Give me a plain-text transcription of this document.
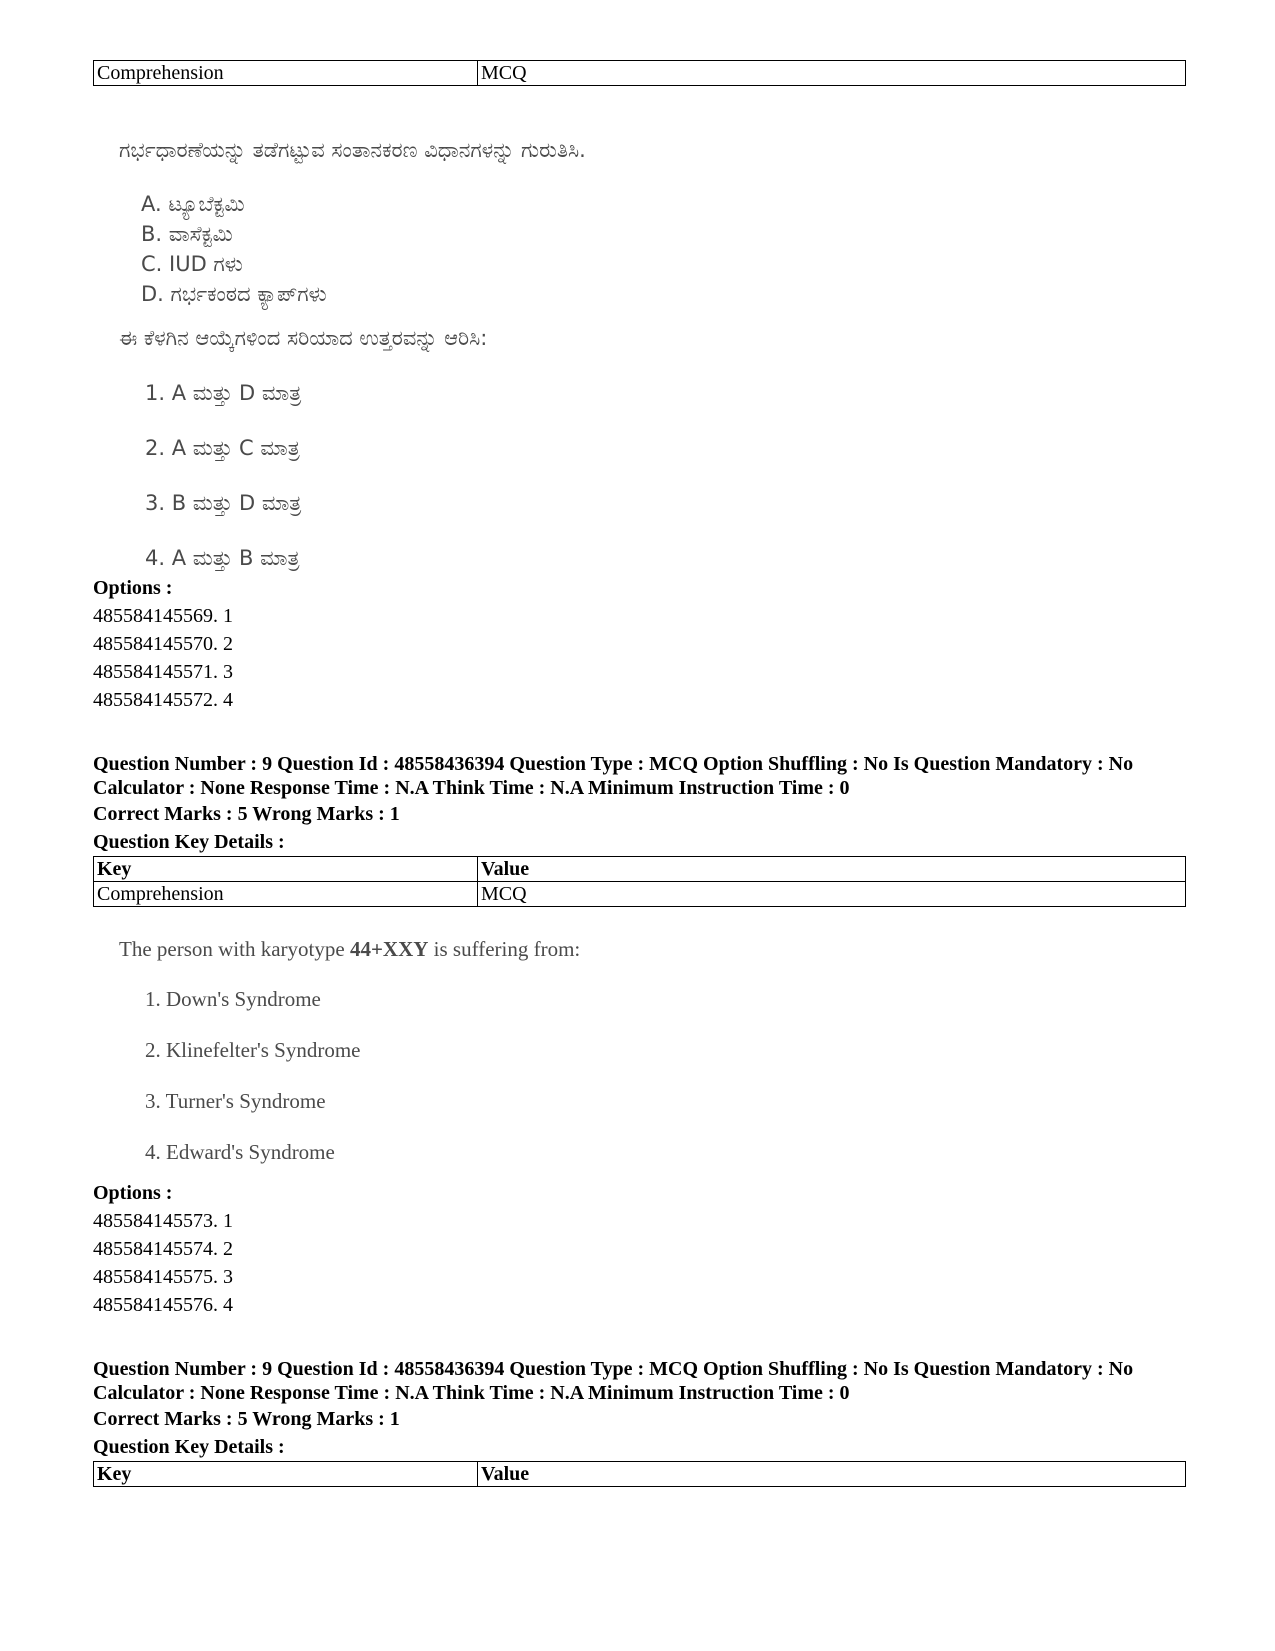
Comprehension	MCQ
ಗರ್ಭಧಾರಣೆಯನ್ನು ತಡೆಗಟ್ಟುವ ಸಂತಾನಕರಣ ವಿಧಾನಗಳನ್ನು ಗುರುತಿಸಿ.
A. ಟ್ಯೂಬೆಕ್ಟಮಿ
B. ವಾಸೆಕ್ಟಮಿ
C. IUD ಗಳು
D. ಗರ್ಭಕಂಠದ ಕ್ಯಾಪ್‌ಗಳು
ಈ ಕೆಳಗಿನ ಆಯ್ಕೆಗಳಿಂದ ಸರಿಯಾದ ಉತ್ತರವನ್ನು ಆರಿಸಿ:
1. A ಮತ್ತು D ಮಾತ್ರ
2. A ಮತ್ತು C ಮಾತ್ರ
3. B ಮತ್ತು D ಮಾತ್ರ
4. A ಮತ್ತು B ಮಾತ್ರ
Options :
485584145569. 1
485584145570. 2
485584145571. 3
485584145572. 4
Question Number : 9 Question Id : 48558436394 Question Type : MCQ Option Shuffling : No Is Question Mandatory : No
Calculator : None Response Time : N.A Think Time : N.A Minimum Instruction Time : 0
Correct Marks : 5 Wrong Marks : 1
Question Key Details :
Key	Value
Comprehension	MCQ
The person with karyotype 44+XXY is suffering from:
1. Down's Syndrome
2. Klinefelter's Syndrome
3. Turner's Syndrome
4. Edward's Syndrome
Options :
485584145573. 1
485584145574. 2
485584145575. 3
485584145576. 4
Question Number : 9 Question Id : 48558436394 Question Type : MCQ Option Shuffling : No Is Question Mandatory : No
Calculator : None Response Time : N.A Think Time : N.A Minimum Instruction Time : 0
Correct Marks : 5 Wrong Marks : 1
Question Key Details :
Key	Value
